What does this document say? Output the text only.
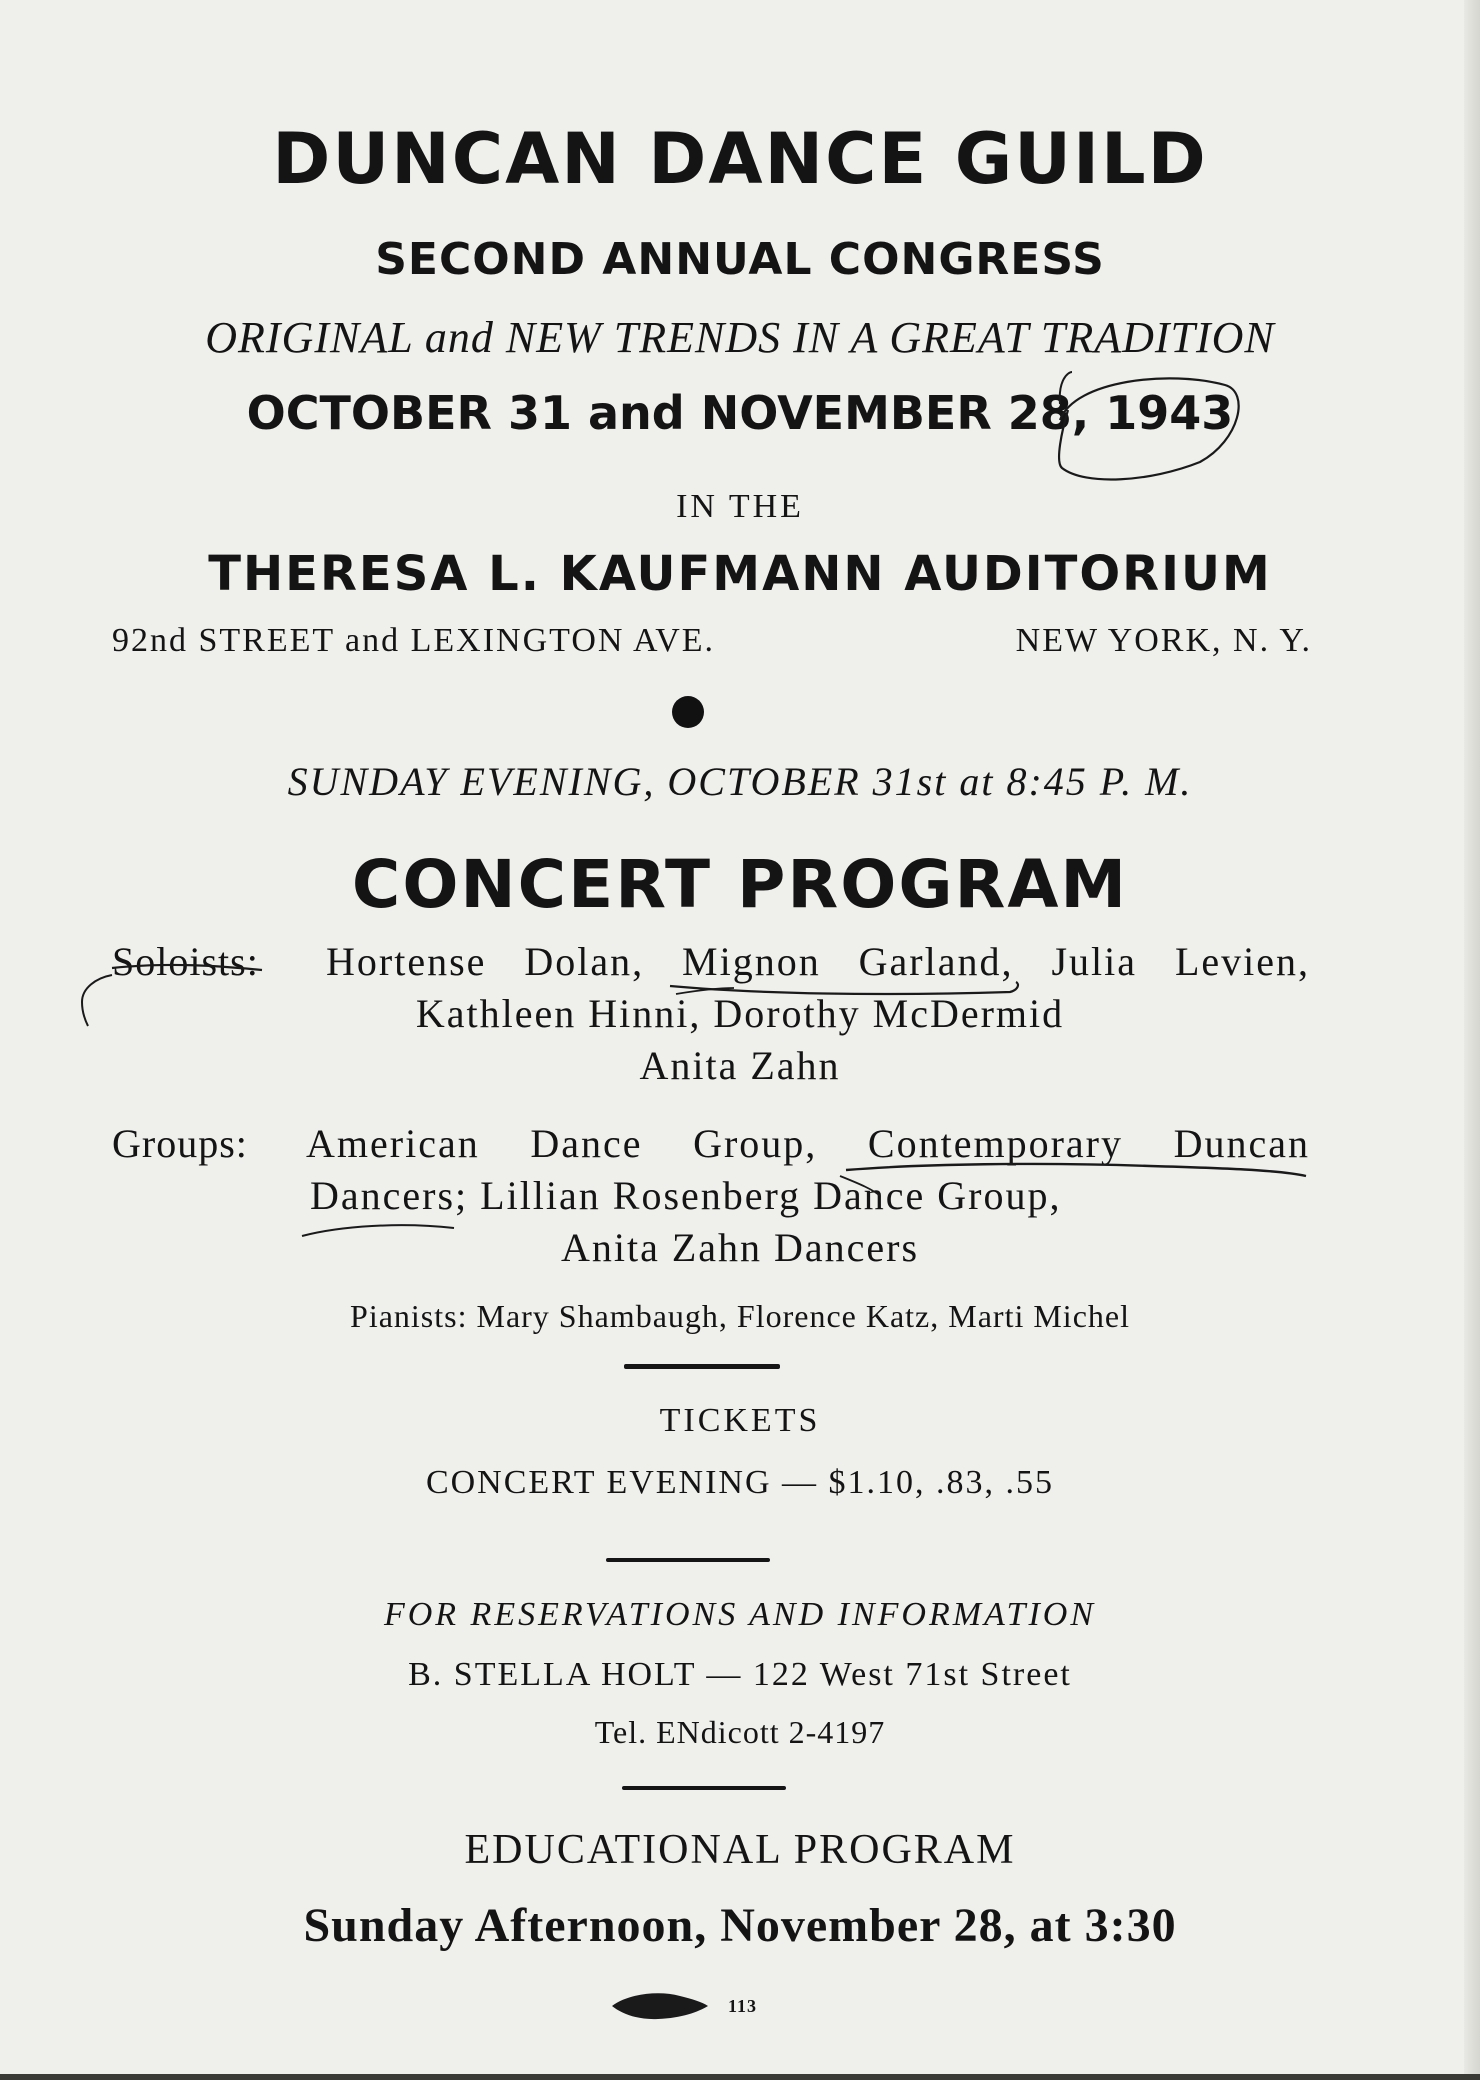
DUNCAN DANCE GUILD
SECOND ANNUAL CONGRESS
ORIGINAL and NEW TRENDS IN A GREAT TRADITION
OCTOBER 31 and NOVEMBER 28, 1943
IN THE
THERESA L. KAUFMANN AUDITORIUM
92nd STREET and LEXINGTON AVE.	NEW YORK, N. Y.
SUNDAY EVENING, OCTOBER 31st at 8:45 P. M.
CONCERT PROGRAM
Soloists: Hortense Dolan, Mignon Garland, Julia Levien,
Kathleen Hinni, Dorothy McDermid
Anita Zahn
Groups: American Dance Group, Contemporary Duncan
Dancers; Lillian Rosenberg Dance Group,
Anita Zahn Dancers
Pianists: Mary Shambaugh, Florence Katz, Marti Michel
TICKETS
CONCERT EVENING — $1.10, .83, .55
FOR RESERVATIONS AND INFORMATION
B. STELLA HOLT — 122 West 71st Street
Tel. ENdicott 2-4197
EDUCATIONAL PROGRAM
Sunday Afternoon, November 28, at 3:30
113
